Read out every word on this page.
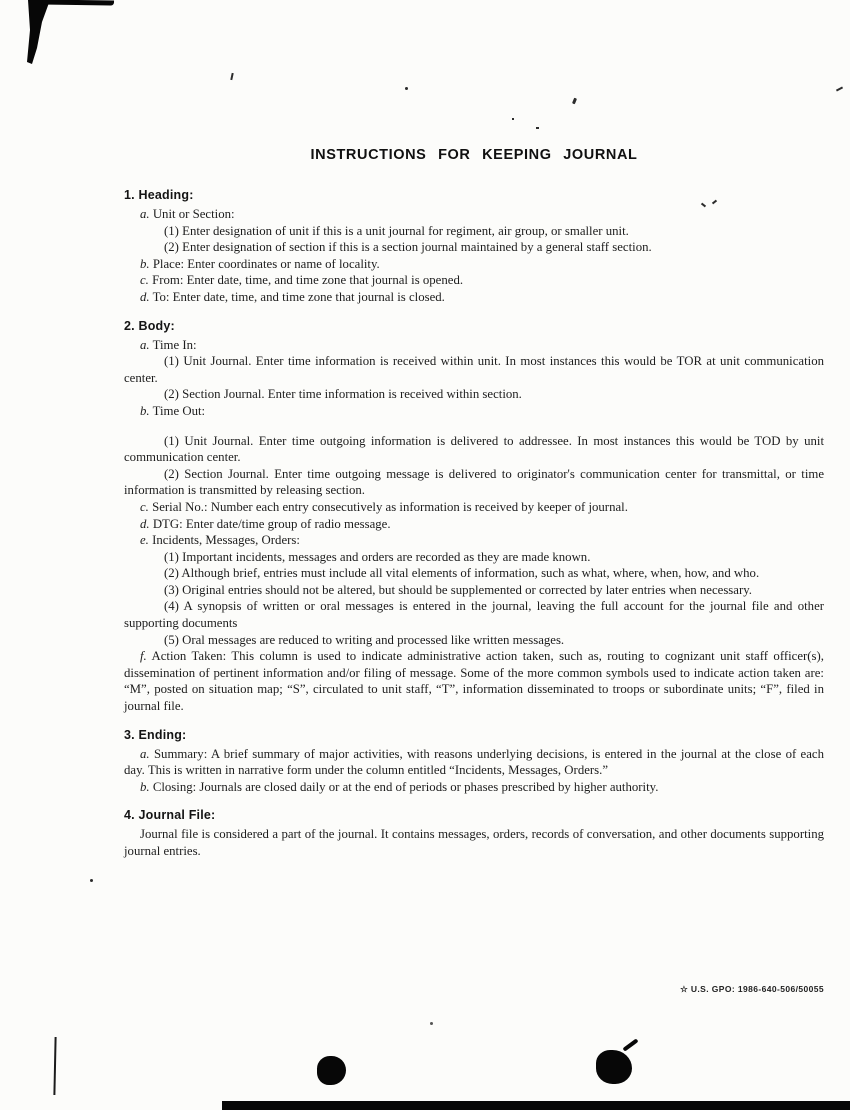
INSTRUCTIONS FOR KEEPING JOURNAL
1. Heading:

a. Unit or Section:

(1) Enter designation of unit if this is a unit journal for regiment, air group, or smaller unit.

(2) Enter designation of section if this is a section journal maintained by a general staff section.

b. Place: Enter coordinates or name of locality.

c. From: Enter date, time, and time zone that journal is opened.

d. To: Enter date, time, and time zone that journal is closed.

2. Body:

a. Time In:

(1) Unit Journal. Enter time information is received within unit. In most instances this would be TOR at unit communication center.

(2) Section Journal. Enter time information is received within section.

b. Time Out:

(1) Unit Journal. Enter time outgoing information is delivered to addressee. In most instances this would be TOD by unit communication center.

(2) Section Journal. Enter time outgoing message is delivered to originator's communication center for transmittal, or time information is transmitted by releasing section.

c. Serial No.: Number each entry consecutively as information is received by keeper of journal.

d. DTG: Enter date/time group of radio message.

e. Incidents, Messages, Orders:

(1) Important incidents, messages and orders are recorded as they are made known.

(2) Although brief, entries must include all vital elements of information, such as what, where, when, how, and who.

(3) Original entries should not be altered, but should be supplemented or corrected by later entries when necessary.

(4) A synopsis of written or oral messages is entered in the journal, leaving the full account for the journal file and other supporting documents

(5) Oral messages are reduced to writing and processed like written messages.

f. Action Taken: This column is used to indicate administrative action taken, such as, routing to cognizant unit staff officer(s), dissemination of pertinent information and/or filing of message. Some of the more common symbols used to indicate action taken are: “M”, posted on situation map; “S”, circulated to unit staff, “T”, information disseminated to troops or subordinate units; “F”, filed in journal file.

3. Ending:

a. Summary: A brief summary of major activities, with reasons underlying decisions, is entered in the journal at the close of each day. This is written in narrative form under the column entitled “Incidents, Messages, Orders.”

b. Closing: Journals are closed daily or at the end of periods or phases prescribed by higher authority.

4. Journal File:

Journal file is considered a part of the journal. It contains messages, orders, records of conversation, and other documents supporting journal entries.

☆ U.S. GPO: 1986-640-506/50055
